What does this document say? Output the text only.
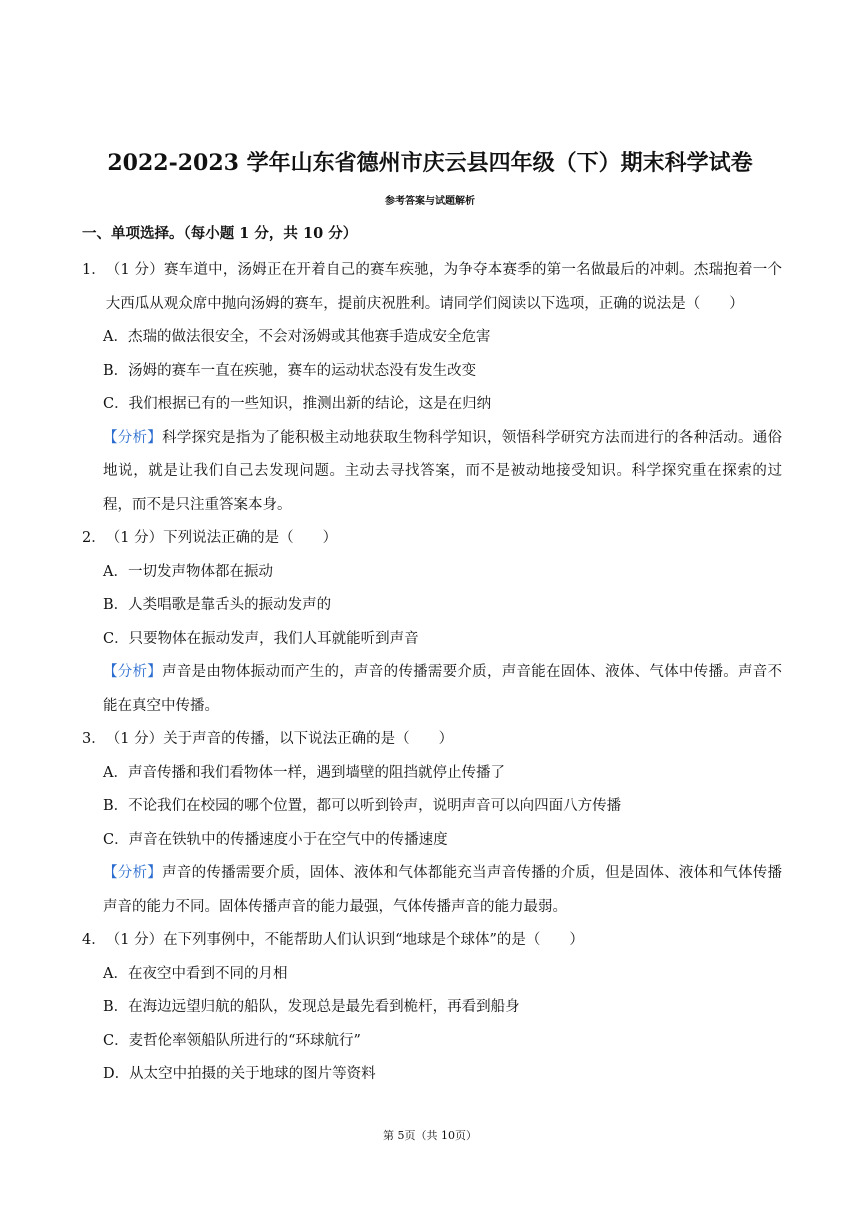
2022-2023 学年山东省德州市庆云县四年级（下）期末科学试卷
参考答案与试题解析
一、单项选择。（每小题 1 分，共 10 分）
1． （1 分）赛车道中，汤姆正在开着自己的赛车疾驰，为争夺本赛季的第一名做最后的冲刺。杰瑞抱着一个大西瓜从观众席中抛向汤姆的赛车，提前庆祝胜利。请同学们阅读以下选项，正确的说法是（　　）
A．杰瑞的做法很安全，不会对汤姆或其他赛手造成安全危害
B．汤姆的赛车一直在疾驰，赛车的运动状态没有发生改变
C．我们根据已有的一些知识，推测出新的结论，这是在归纳
【分析】科学探究是指为了能积极主动地获取生物科学知识，领悟科学研究方法而进行的各种活动。通俗地说，就是让我们自己去发现问题。主动去寻找答案，而不是被动地接受知识。科学探究重在探索的过程，而不是只注重答案本身。
2． （1 分）下列说法正确的是（　　）
A．一切发声物体都在振动
B．人类唱歌是靠舌头的振动发声的
C．只要物体在振动发声，我们人耳就能听到声音
【分析】声音是由物体振动而产生的，声音的传播需要介质，声音能在固体、液体、气体中传播。声音不能在真空中传播。
3． （1 分）关于声音的传播，以下说法正确的是（　　）
A．声音传播和我们看物体一样，遇到墙壁的阻挡就停止传播了
B．不论我们在校园的哪个位置，都可以听到铃声，说明声音可以向四面八方传播
C．声音在铁轨中的传播速度小于在空气中的传播速度
【分析】声音的传播需要介质，固体、液体和气体都能充当声音传播的介质，但是固体、液体和气体传播声音的能力不同。固体传播声音的能力最强，气体传播声音的能力最弱。
4． （1 分）在下列事例中，不能帮助人们认识到“地球是个球体”的是（　　）
A．在夜空中看到不同的月相
B．在海边远望归航的船队，发现总是最先看到桅杆，再看到船身
C．麦哲伦率领船队所进行的“环球航行”
D．从太空中拍摄的关于地球的图片等资料
第 5页（共 10页）
